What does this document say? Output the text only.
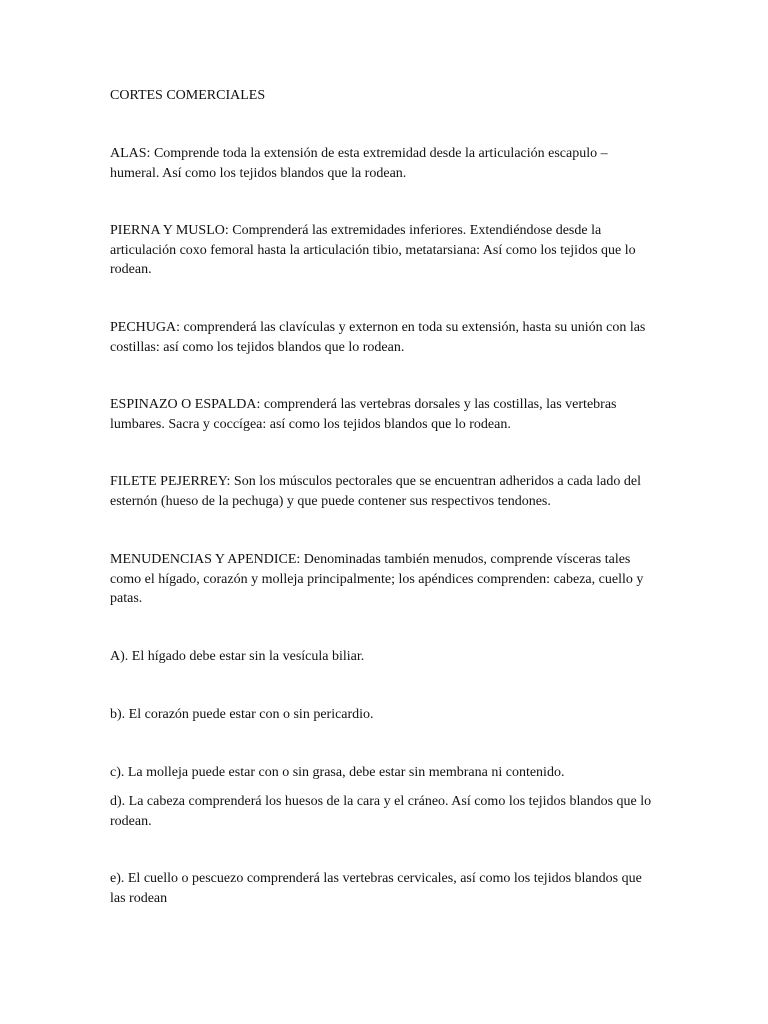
CORTES COMERCIALES

ALAS: Comprende toda la extensión de esta extremidad desde la articulación escapulo – humeral. Así como los tejidos blandos que la rodean.

PIERNA Y MUSLO: Comprenderá las extremidades inferiores. Extendiéndose desde la articulación coxo femoral hasta la articulación tibio, metatarsiana: Así como los tejidos que lo rodean.

PECHUGA: comprenderá las clavículas y externon en toda su extensión, hasta su unión con las costillas: así como los tejidos blandos que lo rodean.

ESPINAZO O ESPALDA: comprenderá las vertebras dorsales y las costillas, las vertebras lumbares. Sacra y coccígea: así como los tejidos blandos que lo rodean.

FILETE PEJERREY: Son los músculos pectorales que se encuentran adheridos a cada lado del esternón (hueso de la pechuga) y que puede contener sus respectivos tendones.

MENUDENCIAS Y APENDICE: Denominadas también menudos, comprende vísceras tales como el hígado, corazón y molleja principalmente; los apéndices comprenden: cabeza, cuello y patas.

A). El hígado debe estar sin la vesícula biliar.

b). El corazón puede estar con o sin pericardio.

c). La molleja puede estar con o sin grasa, debe estar sin membrana ni contenido.

d). La cabeza comprenderá los huesos de la cara y el cráneo. Así como los tejidos blandos que lo rodean.

e). El cuello o pescuezo comprenderá las vertebras cervicales, así como los tejidos blandos que las rodean
